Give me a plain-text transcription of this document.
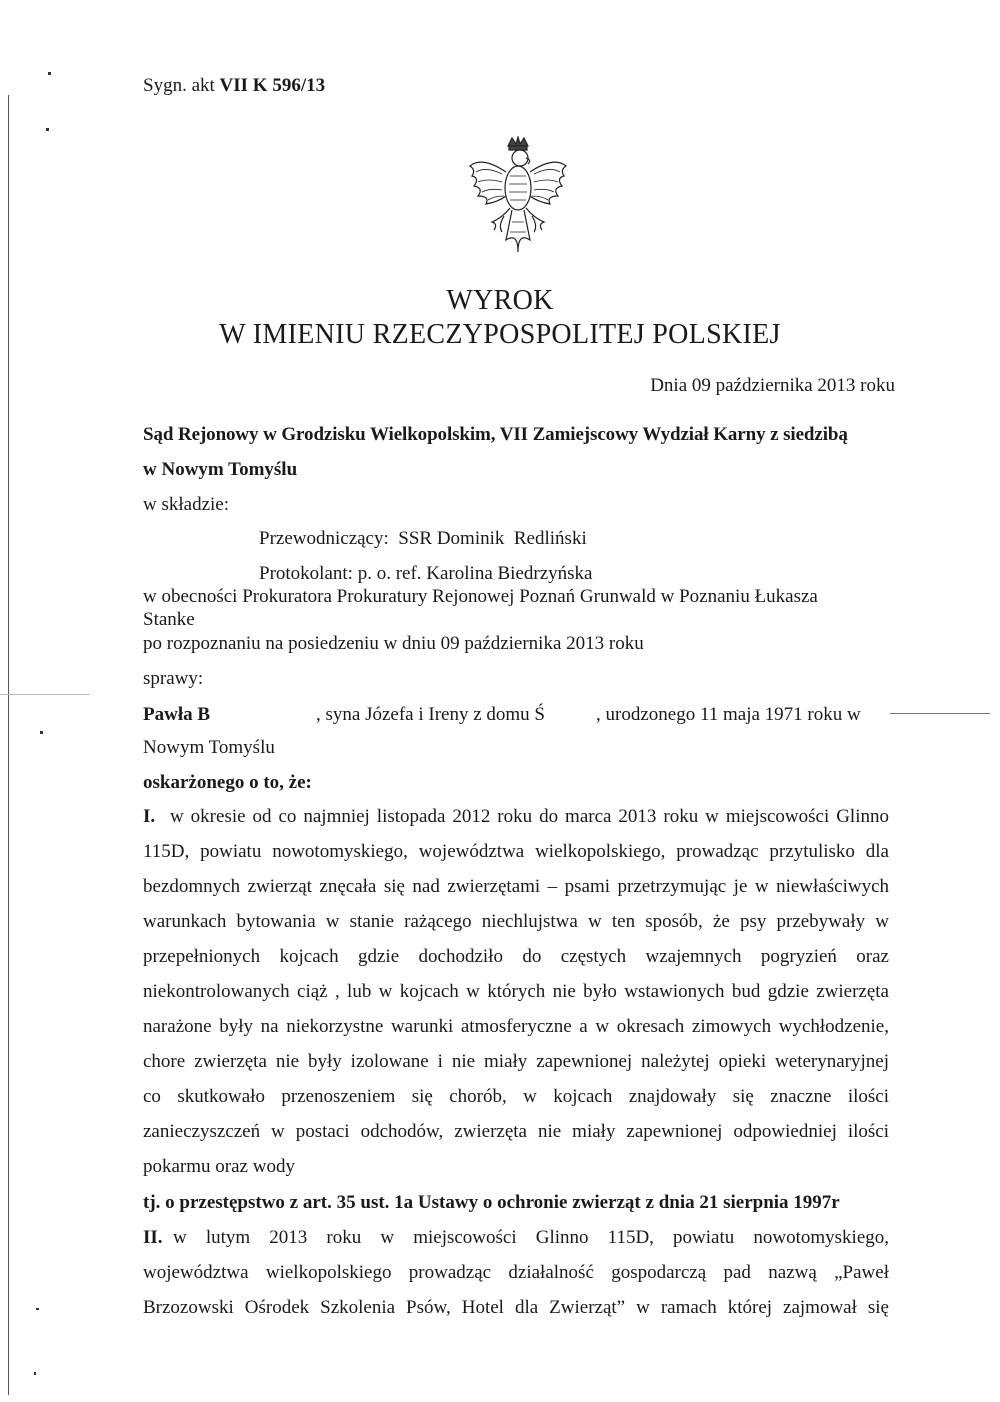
Sygn. akt VII K 596/13
WYROK
W IMIENIU RZECZYPOSPOLITEJ POLSKIEJ
Dnia 09 października 2013 roku
Sąd Rejonowy w Grodzisku Wielkopolskim, VII Zamiejscowy Wydział Karny z siedzibą
w Nowym Tomyślu
w składzie:
Przewodniczący:  SSR Dominik  Redliński
Protokolant: p. o. ref. Karolina Biedrzyńska
w obecności Prokuratora Prokuratury Rejonowej Poznań Grunwald w Poznaniu Łukasza
Stanke
po rozpoznaniu na posiedzeniu w dniu 09 października 2013 roku
sprawy:
Pawła B	, syna Józefa i Ireny z domu Ś	, urodzonego 11 maja 1971 roku w
Nowym Tomyślu
oskarżonego o to, że:
I. w okresie od co najmniej listopada 2012 roku do marca 2013 roku w miejscowości Glinno
115D, powiatu nowotomyskiego, województwa wielkopolskiego, prowadząc przytulisko dla
bezdomnych zwierząt znęcała się nad zwierzętami – psami przetrzymując je w niewłaściwych
warunkach bytowania w stanie rażącego niechlujstwa w ten sposób, że psy przebywały w
przepełnionych kojcach gdzie dochodziło do częstych wzajemnych pogryzień oraz
niekontrolowanych ciąż , lub w kojcach w których nie było wstawionych bud gdzie zwierzęta
narażone były na niekorzystne warunki atmosferyczne a w okresach zimowych wychłodzenie,
chore zwierzęta nie były izolowane i nie miały zapewnionej należytej opieki weterynaryjnej
co skutkowało przenoszeniem się chorób, w kojcach znajdowały się znaczne ilości
zanieczyszczeń w postaci odchodów, zwierzęta nie miały zapewnionej odpowiedniej ilości
pokarmu oraz wody
tj. o przestępstwo z art. 35 ust. 1a Ustawy o ochronie zwierząt z dnia 21 sierpnia 1997r
II. w lutym 2013 roku w miejscowości Glinno 115D, powiatu nowotomyskiego,
województwa wielkopolskiego prowadząc działalność gospodarczą pad nazwą „Paweł
Brzozowski Ośrodek Szkolenia Psów, Hotel dla Zwierząt” w ramach której zajmował się
